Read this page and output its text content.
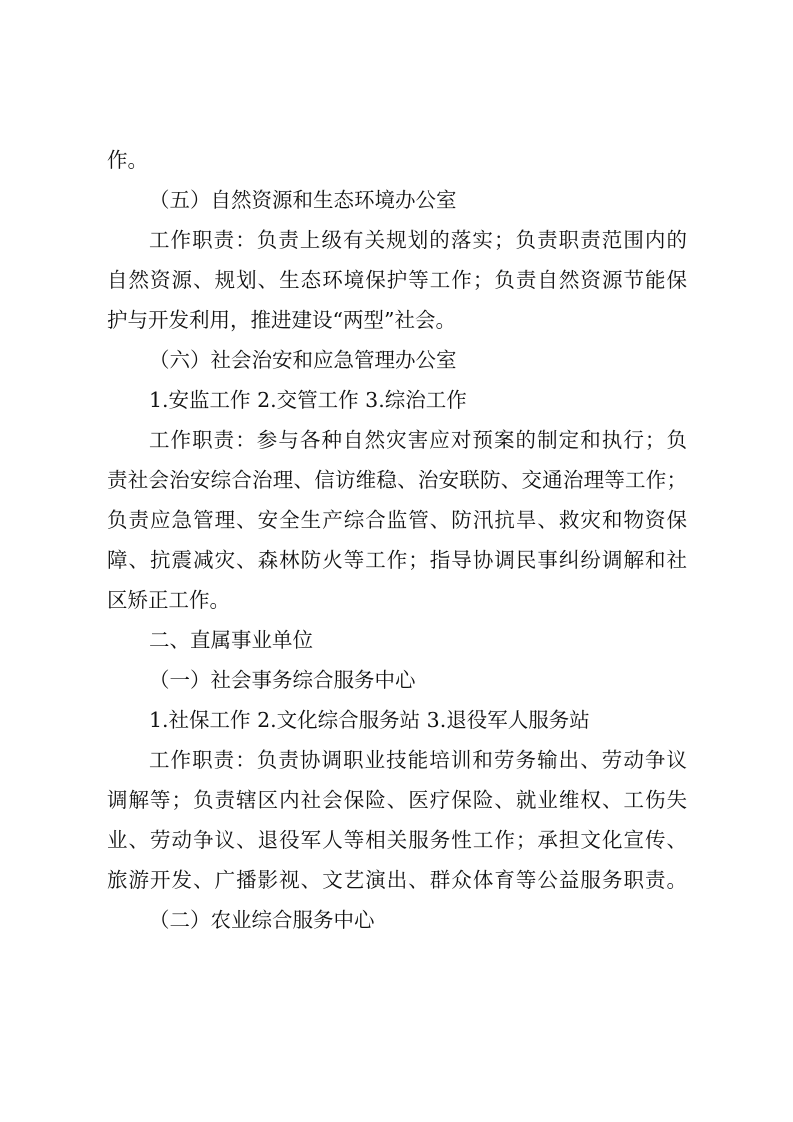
作。

（五）自然资源和生态环境办公室

工作职责：负责上级有关规划的落实；负责职责范围内的

自然资源、规划、生态环境保护等工作；负责自然资源节能保

护与开发利用，推进建设“两型”社会。

（六）社会治安和应急管理办公室

1.安监工作 2.交管工作 3.综治工作

工作职责：参与各种自然灾害应对预案的制定和执行；负

责社会治安综合治理、信访维稳、治安联防、交通治理等工作；

负责应急管理、安全生产综合监管、防汛抗旱、救灾和物资保

障、抗震减灾、森林防火等工作；指导协调民事纠纷调解和社

区矫正工作。

二、直属事业单位

（一）社会事务综合服务中心

1.社保工作 2.文化综合服务站 3.退役军人服务站

工作职责：负责协调职业技能培训和劳务输出、劳动争议

调解等；负责辖区内社会保险、医疗保险、就业维权、工伤失

业、劳动争议、退役军人等相关服务性工作；承担文化宣传、

旅游开发、广播影视、文艺演出、群众体育等公益服务职责。

（二）农业综合服务中心
